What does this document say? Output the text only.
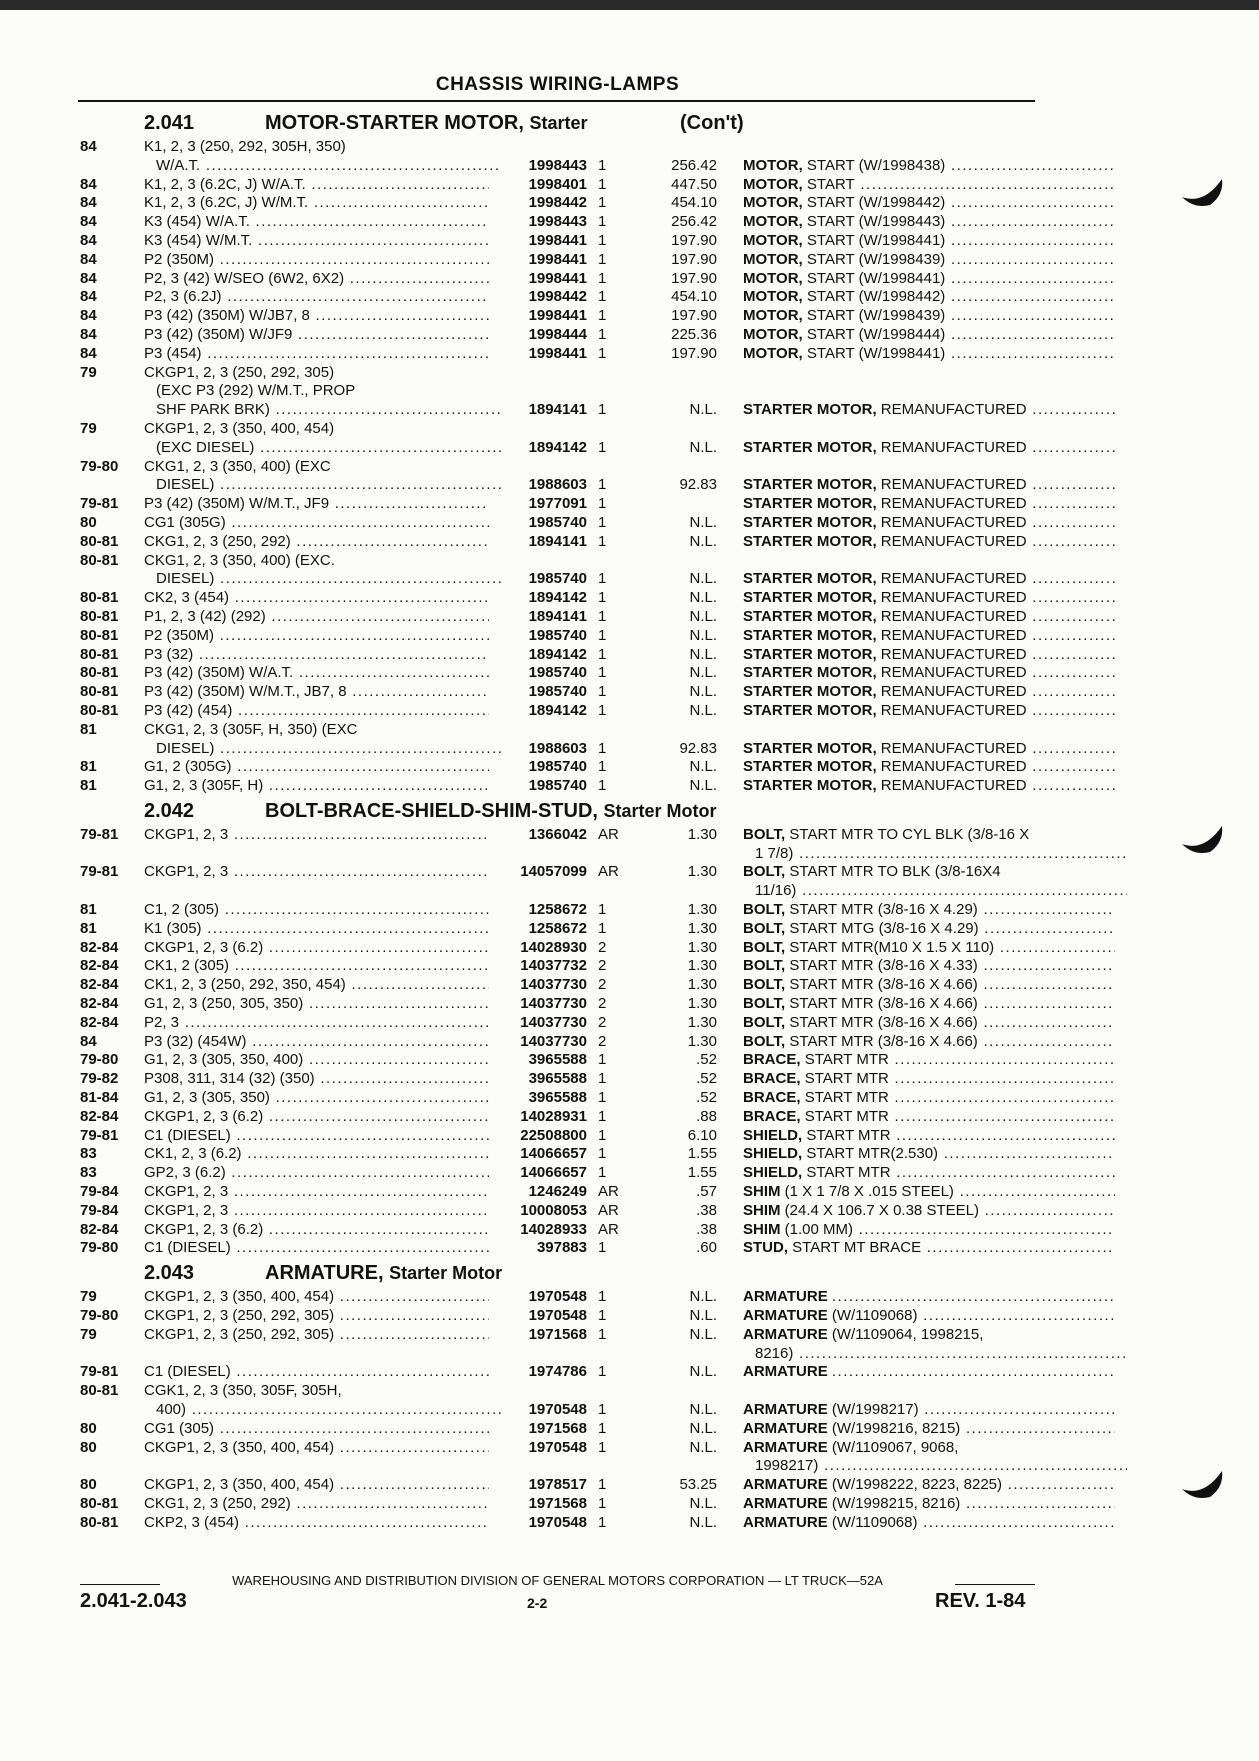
CHASSIS WIRING-LAMPS
2.041	MOTOR-STARTER MOTOR, Starter	(Con't)
84	K1, 2, 3 (250, 292, 305H, 350)
W/A.T. .....	1998443 1	256.42 MOTOR, START (W/1998438) .....
84	K1, 2, 3 (6.2C, J) W/A.T. .....	1998401 1	447.50 MOTOR, START .....
84	K1, 2, 3 (6.2C, J) W/M.T. .....	1998442 1	454.10 MOTOR, START (W/1998442) .....
84	K3 (454) W/A.T. .....	1998443 1	256.42 MOTOR, START (W/1998443) .....
84	K3 (454) W/M.T. .....	1998441 1	197.90 MOTOR, START (W/1998441) .....
84	P2 (350M) .....	1998441 1	197.90 MOTOR, START (W/1998439) .....
84	P2, 3 (42) W/SEO (6W2, 6X2) .....	1998441 1	197.90 MOTOR, START (W/1998441) .....
84	P2, 3 (6.2J) .....	1998442 1	454.10 MOTOR, START (W/1998442) .....
84	P3 (42) (350M) W/JB7, 8 .....	1998441 1	197.90 MOTOR, START (W/1998439) .....
84	P3 (42) (350M) W/JF9 .....	1998444 1	225.36 MOTOR, START (W/1998444) .....
84	P3 (454) .....	1998441 1	197.90 MOTOR, START (W/1998441) .....
79	CKGP1, 2, 3 (250, 292, 305)
(EXC P3 (292) W/M.T., PROP
SHF PARK BRK) .....	1894141 1	N.L. STARTER MOTOR, REMANUFACTURED .....
79	CKGP1, 2, 3 (350, 400, 454)
(EXC DIESEL) .....	1894142 1	N.L. STARTER MOTOR, REMANUFACTURED .....
79-80 CKG1, 2, 3 (350, 400) (EXC
DIESEL) .....	1988603 1	92.83 STARTER MOTOR, REMANUFACTURED .....
79-81 P3 (42) (350M) W/M.T., JF9 .....	1977091 1	STARTER MOTOR, REMANUFACTURED .....
80	CG1 (305G) .....	1985740 1	N.L. STARTER MOTOR, REMANUFACTURED .....
80-81 CKG1, 2, 3 (250, 292) .....	1894141 1	N.L. STARTER MOTOR, REMANUFACTURED .....
80-81 CKG1, 2, 3 (350, 400) (EXC.
DIESEL) .....	1985740 1	N.L. STARTER MOTOR, REMANUFACTURED .....
80-81 CK2, 3 (454) .....	1894142 1	N.L. STARTER MOTOR, REMANUFACTURED .....
80-81 P1, 2, 3 (42) (292) .....	1894141 1	N.L. STARTER MOTOR, REMANUFACTURED .....
80-81 P2 (350M) .....	1985740 1	N.L. STARTER MOTOR, REMANUFACTURED .....
80-81 P3 (32) .....	1894142 1	N.L. STARTER MOTOR, REMANUFACTURED .....
80-81 P3 (42) (350M) W/A.T. .....	1985740 1	N.L. STARTER MOTOR, REMANUFACTURED .....
80-81 P3 (42) (350M) W/M.T., JB7, 8 .....	1985740 1	N.L. STARTER MOTOR, REMANUFACTURED .....
80-81 P3 (42) (454) .....	1894142 1	N.L. STARTER MOTOR, REMANUFACTURED .....
81	CKG1, 2, 3 (305F, H, 350) (EXC
DIESEL) .....	1988603 1	92.83 STARTER MOTOR, REMANUFACTURED .....
81	G1, 2 (305G) .....	1985740 1	N.L. STARTER MOTOR, REMANUFACTURED .....
81	G1, 2, 3 (305F, H) .....	1985740 1	N.L. STARTER MOTOR, REMANUFACTURED .....
2.042	BOLT-BRACE-SHIELD-SHIM-STUD, Starter Motor
79-81 CKGP1, 2, 3 .....	1366042 AR	1.30 BOLT, START MTR TO CYL BLK (3/8-16 X
1 7/8) .....
79-81 CKGP1, 2, 3 .....	14057099 AR	1.30 BOLT, START MTR TO BLK (3/8-16X4
11/16) .....
81	C1, 2 (305) .....	1258672 1	1.30 BOLT, START MTR (3/8-16 X 4.29) .....
81	K1 (305) .....	1258672 1	1.30 BOLT, START MTG (3/8-16 X 4.29) .....
82-84 CKGP1, 2, 3 (6.2) .....	14028930 2	1.30 BOLT, START MTR(M10 X 1.5 X 110) .....
82-84 CK1, 2 (305) .....	14037732 2	1.30 BOLT, START MTR (3/8-16 X 4.33) .....
82-84 CK1, 2, 3 (250, 292, 350, 454) .....	14037730 2	1.30 BOLT, START MTR (3/8-16 X 4.66) .....
82-84 G1, 2, 3 (250, 305, 350) .....	14037730 2	1.30 BOLT, START MTR (3/8-16 X 4.66) .....
82-84 P2, 3 .....	14037730 2	1.30 BOLT, START MTR (3/8-16 X 4.66) .....
84	P3 (32) (454W) .....	14037730 2	1.30 BOLT, START MTR (3/8-16 X 4.66) .....
79-80 G1, 2, 3 (305, 350, 400) .....	3965588 1	.52 BRACE, START MTR .....
79-82 P308, 311, 314 (32) (350) .....	3965588 1	.52 BRACE, START MTR .....
81-84 G1, 2, 3 (305, 350) .....	3965588 1	.52 BRACE, START MTR .....
82-84 CKGP1, 2, 3 (6.2) .....	14028931 1	.88 BRACE, START MTR .....
79-81 C1 (DIESEL) .....	22508800 1	6.10 SHIELD, START MTR .....
83	CK1, 2, 3 (6.2) .....	14066657 1	1.55 SHIELD, START MTR(2.530) .....
83	GP2, 3 (6.2) .....	14066657 1	1.55 SHIELD, START MTR .....
79-84 CKGP1, 2, 3 .....	1246249 AR	.57 SHIM (1 X 1 7/8 X .015 STEEL) .....
79-84 CKGP1, 2, 3 .....	10008053 AR	.38 SHIM (24.4 X 106.7 X 0.38 STEEL) .....
82-84 CKGP1, 2, 3 (6.2) .....	14028933 AR	.38 SHIM (1.00 MM) .....
79-80 C1 (DIESEL) .....	397883 1	.60 STUD, START MT BRACE .....
2.043	ARMATURE, Starter Motor
79	CKGP1, 2, 3 (350, 400, 454) .....	1970548 1	N.L. ARMATURE .....
79-80 CKGP1, 2, 3 (250, 292, 305) .....	1970548 1	N.L. ARMATURE (W/1109068) .....
79	CKGP1, 2, 3 (250, 292, 305) .....	1971568 1	N.L. ARMATURE (W/1109064, 1998215,
8216) .....
79-81 C1 (DIESEL) .....	1974786 1	N.L. ARMATURE .....
80-81 CGK1, 2, 3 (350, 305F, 305H,
400) .....	1970548 1	N.L. ARMATURE (W/1998217) .....
80	CG1 (305) .....	1971568 1	N.L. ARMATURE (W/1998216, 8215) .....
80	CKGP1, 2, 3 (350, 400, 454) .....	1970548 1	N.L. ARMATURE (W/1109067, 9068,
1998217) .....
80	CKGP1, 2, 3 (350, 400, 454) .....	1978517 1	53.25 ARMATURE (W/1998222, 8223, 8225) .....
80-81 CKG1, 2, 3 (250, 292) .....	1971568 1	N.L. ARMATURE (W/1998215, 8216) .....
80-81 CKP2, 3 (454) .....	1970548 1	N.L. ARMATURE (W/1109068) .....
WAREHOUSING AND DISTRIBUTION DIVISION OF GENERAL MOTORS CORPORATION — LT TRUCK—52A
2.041-2.043	2-2	REV. 1-84
